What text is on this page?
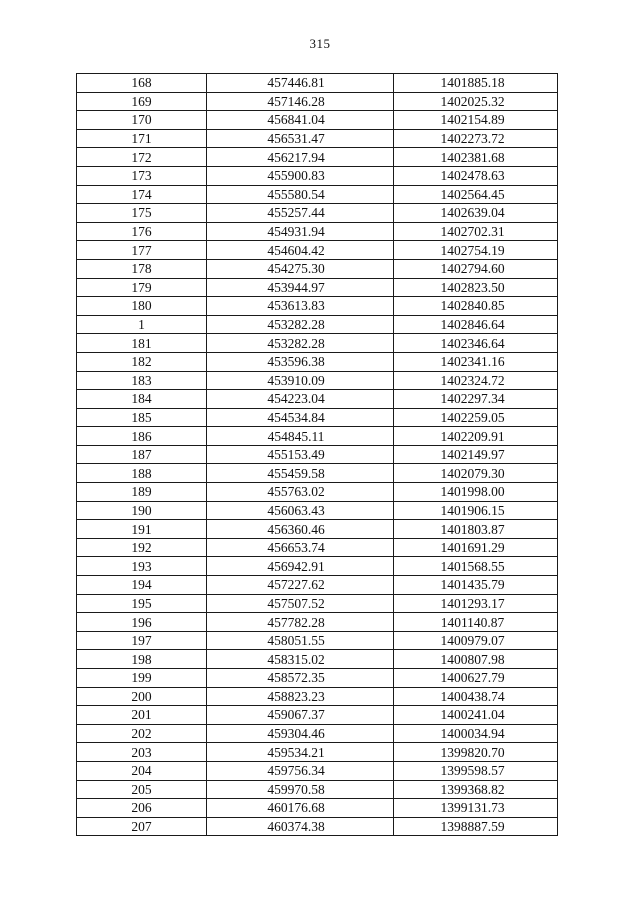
315
168	457446.81	1401885.18
169	457146.28	1402025.32
170	456841.04	1402154.89
171	456531.47	1402273.72
172	456217.94	1402381.68
173	455900.83	1402478.63
174	455580.54	1402564.45
175	455257.44	1402639.04
176	454931.94	1402702.31
177	454604.42	1402754.19
178	454275.30	1402794.60
179	453944.97	1402823.50
180	453613.83	1402840.85
1	453282.28	1402846.64
181	453282.28	1402346.64
182	453596.38	1402341.16
183	453910.09	1402324.72
184	454223.04	1402297.34
185	454534.84	1402259.05
186	454845.11	1402209.91
187	455153.49	1402149.97
188	455459.58	1402079.30
189	455763.02	1401998.00
190	456063.43	1401906.15
191	456360.46	1401803.87
192	456653.74	1401691.29
193	456942.91	1401568.55
194	457227.62	1401435.79
195	457507.52	1401293.17
196	457782.28	1401140.87
197	458051.55	1400979.07
198	458315.02	1400807.98
199	458572.35	1400627.79
200	458823.23	1400438.74
201	459067.37	1400241.04
202	459304.46	1400034.94
203	459534.21	1399820.70
204	459756.34	1399598.57
205	459970.58	1399368.82
206	460176.68	1399131.73
207	460374.38	1398887.59
